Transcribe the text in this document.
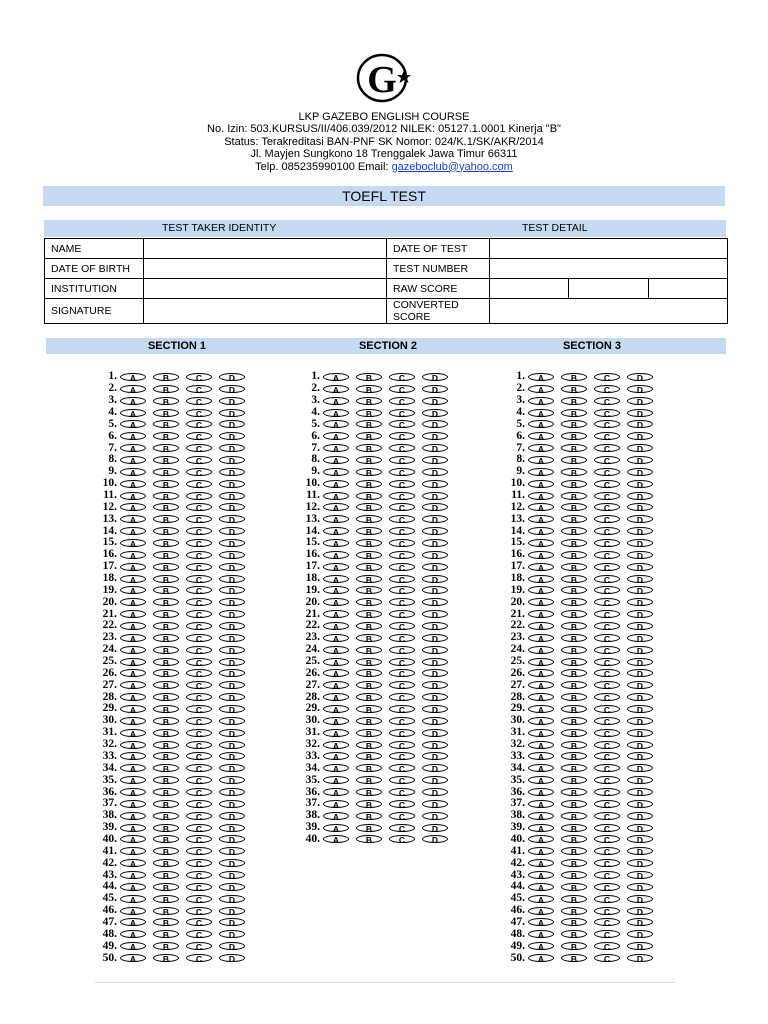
G
LKP GAZEBO ENGLISH COURSE
No. Izin: 503.KURSUS/II/406.039/2012 NILEK: 05127.1.0001 Kinerja "B"
Status: Terakreditasi BAN-PNF SK Nomor: 024/K.1/SK/AKR/2014
Jl. Mayjen Sungkono 18 Trenggalek Jawa Timur 66311
Telp. 085235990100 Email: gazeboclub@yahoo.com
TOEFL TEST
TEST TAKER IDENTITY	TEST DETAIL
NAME		DATE OF TEST	
DATE OF BIRTH		TEST NUMBER	
INSTITUTION		RAW SCORE	

SIGNATURE		CONVERTED SCORE	
SECTION 1	SECTION 2	SECTION 3
1.	A	B	C	D
2.	A	B	C	D
3.	A	B	C	D
4.	A	B	C	D
5.	A	B	C	D
6.	A	B	C	D
7.	A	B	C	D
8.	A	B	C	D
9.	A	B	C	D
10.	A	B	C	D
11.	A	B	C	D
12.	A	B	C	D
13.	A	B	C	D
14.	A	B	C	D
15.	A	B	C	D
16.	A	B	C	D
17.	A	B	C	D
18.	A	B	C	D
19.	A	B	C	D
20.	A	B	C	D
21.	A	B	C	D
22.	A	B	C	D
23.	A	B	C	D
24.	A	B	C	D
25.	A	B	C	D
26.	A	B	C	D
27.	A	B	C	D
28.	A	B	C	D
29.	A	B	C	D
30.	A	B	C	D
31.	A	B	C	D
32.	A	B	C	D
33.	A	B	C	D
34.	A	B	C	D
35.	A	B	C	D
36.	A	B	C	D
37.	A	B	C	D
38.	A	B	C	D
39.	A	B	C	D
40.	A	B	C	D
41.	A	B	C	D
42.	A	B	C	D
43.	A	B	C	D
44.	A	B	C	D
45.	A	B	C	D
46.	A	B	C	D
47.	A	B	C	D
48.	A	B	C	D
49.	A	B	C	D
50.	A	B	C	D
1.	A	B	C	D
2.	A	B	C	D
3.	A	B	C	D
4.	A	B	C	D
5.	A	B	C	D
6.	A	B	C	D
7.	A	B	C	D
8.	A	B	C	D
9.	A	B	C	D
10.	A	B	C	D
11.	A	B	C	D
12.	A	B	C	D
13.	A	B	C	D
14.	A	B	C	D
15.	A	B	C	D
16.	A	B	C	D
17.	A	B	C	D
18.	A	B	C	D
19.	A	B	C	D
20.	A	B	C	D
21.	A	B	C	D
22.	A	B	C	D
23.	A	B	C	D
24.	A	B	C	D
25.	A	B	C	D
26.	A	B	C	D
27.	A	B	C	D
28.	A	B	C	D
29.	A	B	C	D
30.	A	B	C	D
31.	A	B	C	D
32.	A	B	C	D
33.	A	B	C	D
34.	A	B	C	D
35.	A	B	C	D
36.	A	B	C	D
37.	A	B	C	D
38.	A	B	C	D
39.	A	B	C	D
40.	A	B	C	D
1.	A	B	C	D
2.	A	B	C	D
3.	A	B	C	D
4.	A	B	C	D
5.	A	B	C	D
6.	A	B	C	D
7.	A	B	C	D
8.	A	B	C	D
9.	A	B	C	D
10.	A	B	C	D
11.	A	B	C	D
12.	A	B	C	D
13.	A	B	C	D
14.	A	B	C	D
15.	A	B	C	D
16.	A	B	C	D
17.	A	B	C	D
18.	A	B	C	D
19.	A	B	C	D
20.	A	B	C	D
21.	A	B	C	D
22.	A	B	C	D
23.	A	B	C	D
24.	A	B	C	D
25.	A	B	C	D
26.	A	B	C	D
27.	A	B	C	D
28.	A	B	C	D
29.	A	B	C	D
30.	A	B	C	D
31.	A	B	C	D
32.	A	B	C	D
33.	A	B	C	D
34.	A	B	C	D
35.	A	B	C	D
36.	A	B	C	D
37.	A	B	C	D
38.	A	B	C	D
39.	A	B	C	D
40.	A	B	C	D
41.	A	B	C	D
42.	A	B	C	D
43.	A	B	C	D
44.	A	B	C	D
45.	A	B	C	D
46.	A	B	C	D
47.	A	B	C	D
48.	A	B	C	D
49.	A	B	C	D
50.	A	B	C	D
